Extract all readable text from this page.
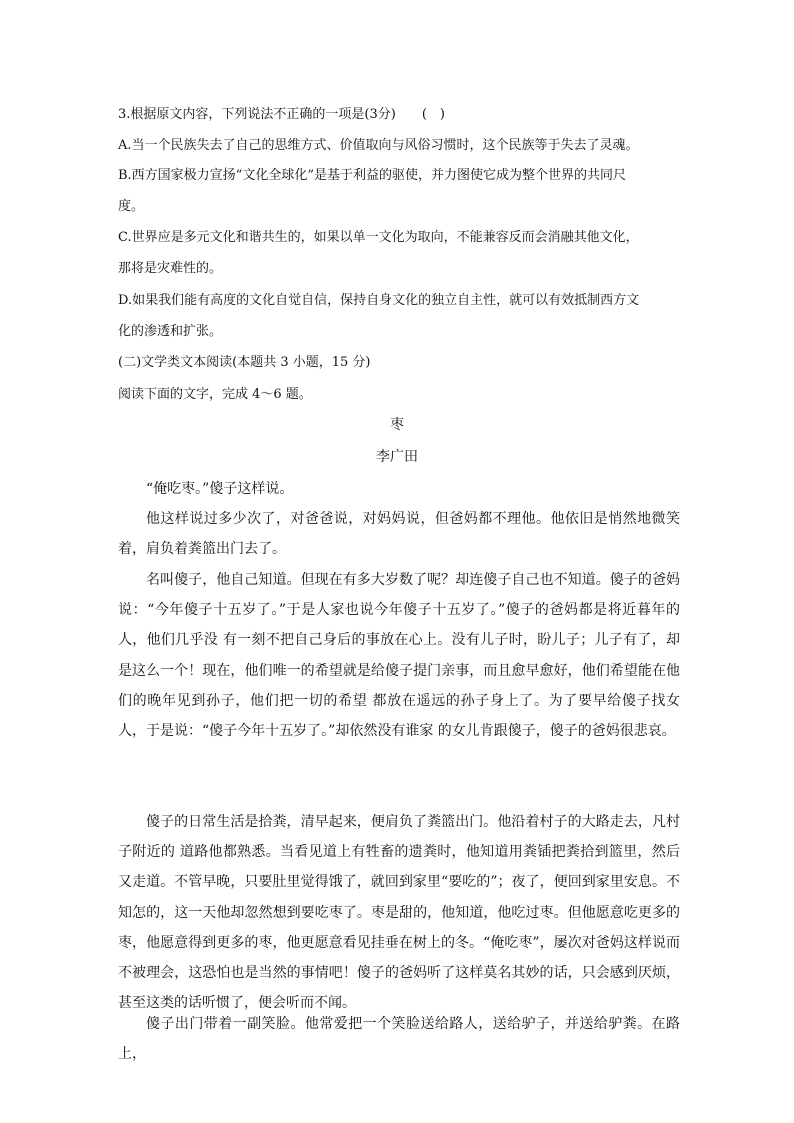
3.根据原文内容，下列说法不正确的一项是(3分)　　(　)
A.当一个民族失去了自己的思维方式、价值取向与风俗习惯时，这个民族等于失去了灵魂。
B.西方国家极力宣扬“文化全球化”是基于利益的驱使，并力图使它成为整个世界的共同尺
度。
C.世界应是多元文化和谐共生的，如果以单一文化为取向，不能兼容反而会消融其他文化，
那将是灾难性的。
D.如果我们能有高度的文化自觉自信，保持自身文化的独立自主性，就可以有效抵制西方文
化的渗透和扩张。
(二)文学类文本阅读(本题共 3 小题，15 分)
阅读下面的文字，完成 4～6 题。
枣
李广田
“俺吃枣。”傻子这样说。
他这样说过多少次了，对爸爸说，对妈妈说，但爸妈都不理他。他依旧是悄然地微笑着，肩负着粪篮出门去了。
名叫傻子，他自己知道。但现在有多大岁数了呢？却连傻子自己也不知道。傻子的爸妈说：“今年傻子十五岁了。”于是人家也说今年傻子十五岁了。”傻子的爸妈都是将近暮年的人，他们几乎没 有一刻不把自己身后的事放在心上。没有儿子时，盼儿子；儿子有了，却是这么一个！现在，他们唯一的希望就是给傻子提门亲事，而且愈早愈好，他们希望能在他们的晚年见到孙子，他们把一切的希望 都放在遥远的孙子身上了。为了要早给傻子找女人，于是说：“傻子今年十五岁了。”却依然没有谁家 的女儿肯跟傻子，傻子的爸妈很悲哀。
傻子的日常生活是拾粪，清早起来，便肩负了粪篮出门。他沿着村子的大路走去，凡村子附近的 道路他都熟悉。当看见道上有牲畜的遗粪时，他知道用粪锸把粪拾到篮里，然后又走道。不管早晚，只要肚里觉得饿了，就回到家里“要吃的”；夜了，便回到家里安息。不知怎的，这一天他却忽然想到要吃枣了。枣是甜的，他知道，他吃过枣。但他愿意吃更多的枣，他愿意得到更多的枣，他更愿意看见挂垂在树上的冬。“俺吃枣”，屡次对爸妈这样说而不被理会，这恐怕也是当然的事情吧！傻子的爸妈听了这样莫名其妙的话，只会感到厌烦，甚至这类的话听惯了，便会听而不闻。
傻子出门带着一副笑脸。他常爱把一个笑脸送给路人，送给驴子，并送给驴粪。在路上，
